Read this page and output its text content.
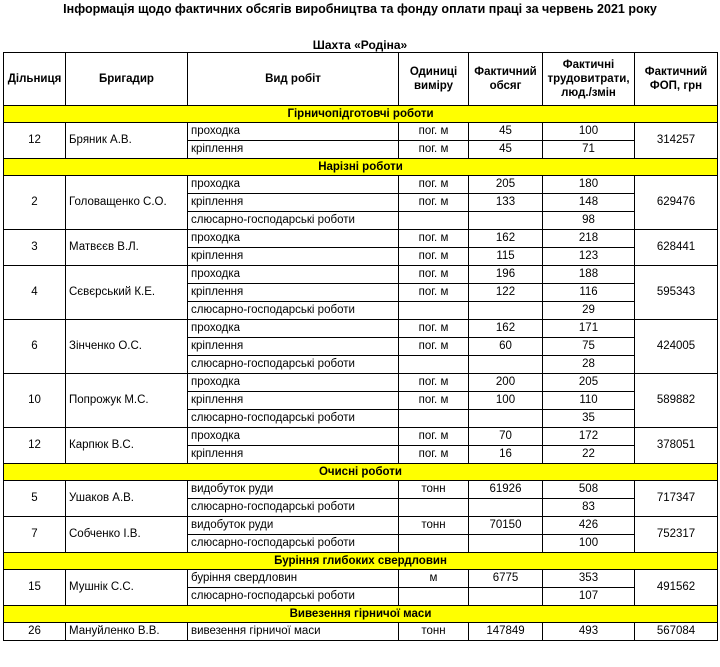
Інформація щодо фактичних обсягів виробництва та фонду оплати праці за червень 2021 року
Шахта «Родіна»
Дільниця	Бригадир	Вид робіт	Одиниці виміру	Фактичний обсяг	Фактичні трудовитрати, люд./змін	Фактичний ФОП, грн
Гірничопідготовчі роботи						
12	Бряник А.В.	проходка	пог. м	45	100	314257
		кріплення	пог. м	45	71	
Нарізні роботи						
2	Головащенко С.О.	проходка	пог. м	205	180	629476
		кріплення	пог. м	133	148	
		слюсарно-господарські роботи			98	
3	Матвєєв В.Л.	проходка	пог. м	162	218	628441
		кріплення	пог. м	115	123	
4	Сєвєрський К.Е.	проходка	пог. м	196	188	595343
		кріплення	пог. м	122	116	
		слюсарно-господарські роботи			29	
6	Зінченко О.С.	проходка	пог. м	162	171	424005
		кріплення	пог. м	60	75	
		слюсарно-господарські роботи			28	
10	Попрожук М.С.	проходка	пог. м	200	205	589882
		кріплення	пог. м	100	110	
		слюсарно-господарські роботи			35	
12	Карпюк В.С.	проходка	пог. м	70	172	378051
		кріплення	пог. м	16	22	
Очисні роботи						
5	Ушаков А.В.	видобуток руди	тонн	61926	508	717347
		слюсарно-господарські роботи			83	
7	Собченко І.В.	видобуток руди	тонн	70150	426	752317
		слюсарно-господарські роботи			100	
Буріння глибоких свердловин						
15	Мушнік С.С.	буріння свердловин	м	6775	353	491562
		слюсарно-господарські роботи			107	
Вивезення гірничої маси						
26	Мануйленко В.В.	вивезення гірничої маси	тонн	147849	493	567084
